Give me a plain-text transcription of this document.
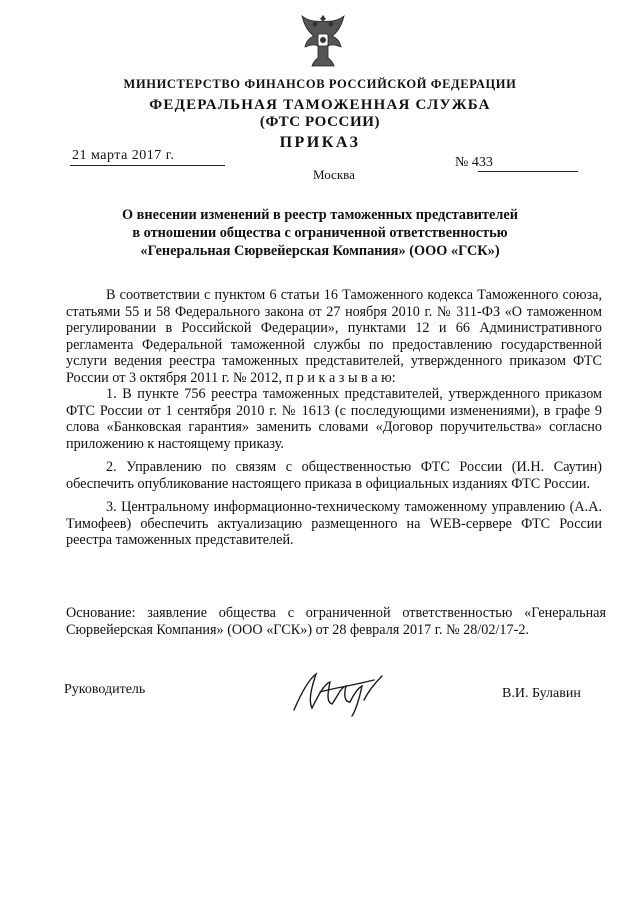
МИНИСТЕРСТВО ФИНАНСОВ РОССИЙСКОЙ ФЕДЕРАЦИИ
ФЕДЕРАЛЬНАЯ ТАМОЖЕННАЯ СЛУЖБА
(ФТС РОССИИ)
ПРИКАЗ
21 марта 2017 г.	№ 433
Москва
О внесении изменений в реестр таможенных представителей
в отношении общества с ограниченной ответственностью
«Генеральная Сюрвейерская Компания» (ООО «ГСК»)

В соответствии с пунктом 6 статьи 16 Таможенного кодекса Таможенного союза, статьями 55 и 58 Федерального закона от 27 ноября 2010 г. № 311-ФЗ «О таможенном регулировании в Российской Федерации», пунктами 12 и 66 Административного регламента Федеральной таможенной службы по предоставлению государственной услуги ведения реестра таможенных представителей, утвержденного приказом ФТС России от 3 октября 2011 г. № 2012, п р и к а з ы в а ю:

1. В пункте 756 реестра таможенных представителей, утвержденного приказом ФТС России от 1 сентября 2010 г. № 1613 (с последующими изменениями), в графе 9 слова «Банковская гарантия» заменить словами «Договор поручительства» согласно приложению к настоящему приказу.

2. Управлению по связям с общественностью ФТС России (И.Н. Саутин) обеспечить опубликование настоящего приказа в официальных изданиях ФТС России.

3. Центральному информационно-техническому таможенному управлению (А.А. Тимофеев) обеспечить актуализацию размещенного на WEB-сервере ФТС России реестра таможенных представителей.

Основание: заявление общества с ограниченной ответственностью «Генеральная Сюрвейерская Компания» (ООО «ГСК») от 28 февраля 2017 г. № 28/02/17-2.
Руководитель	В.И. Булавин
